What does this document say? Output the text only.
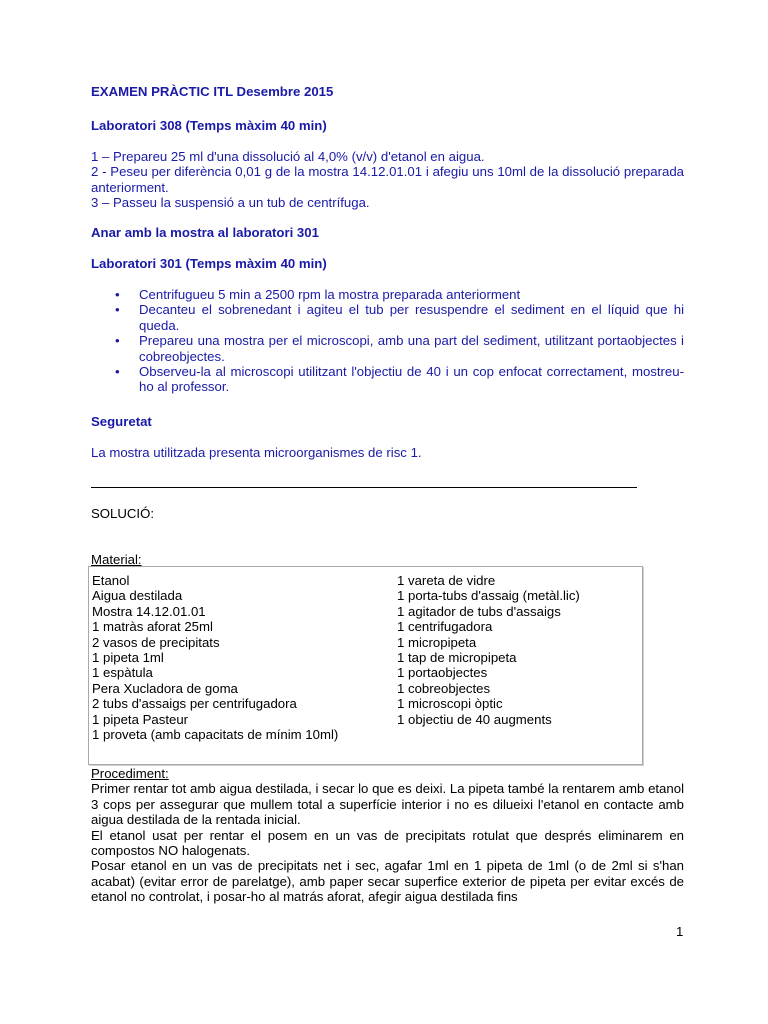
EXAMEN PRÀCTIC ITL Desembre 2015
Laboratori 308 (Temps màxim 40 min)

1 – Prepareu 25 ml d'una dissolució al 4,0% (v/v) d'etanol en aigua.

2 - Peseu per diferència 0,01 g de la mostra 14.12.01.01 i afegiu uns 10ml de la dissolució preparada anteriorment.

3 – Passeu la suspensió a un tub de centrífuga.

Anar amb la mostra al laboratori 301
Laboratori 301 (Temps màxim 40 min)
• Centrifugueu 5 min a 2500 rpm la mostra preparada anteriorment
• Decanteu el sobrenedant i agiteu el tub per resuspendre el sediment en el líquid que hi queda.
• Prepareu una mostra per el microscopi, amb una part del sediment, utilitzant portaobjectes i cobreobjectes.
• Observeu-la al microscopi utilitzant l'objectiu de 40 i un cop enfocat correctament, mostreu-ho al professor.
Seguretat
La mostra utilitzada presenta microorganismes de risc 1.
SOLUCIÓ:
Material:
Etanol
Aigua destilada
Mostra 14.12.01.01
1 matràs aforat 25ml
2 vasos de precipitats
1 pipeta 1ml
1 espàtula
Pera Xucladora de goma
2 tubs d'assaigs per centrifugadora
1 pipeta Pasteur
1 proveta (amb capacitats de mínim 10ml)
1 vareta de vidre
1 porta-tubs d'assaig (metàl.lic)
1 agitador de tubs d'assaigs
1 centrifugadora
1 micropipeta
1 tap de micropipeta
1 portaobjectes
1 cobreobjectes
1 microscopi òptic
1 objectiu de 40 augments
Procediment:

Primer rentar tot amb aigua destilada, i secar lo que es deixi. La pipeta també la rentarem amb etanol 3 cops per assegurar que mullem total a superfície interior i no es dilueixi l'etanol en contacte amb aigua destilada de la rentada inicial.

El etanol usat per rentar el posem en un vas de precipitats rotulat que després eliminarem en compostos NO halogenats.

Posar etanol en un vas de precipitats net i sec, agafar 1ml en 1 pipeta de 1ml (o de 2ml si s'han acabat) (evitar error de parelatge), amb paper secar superfice exterior de pipeta per evitar excés de etanol no controlat, i posar-ho al matrás aforat, afegir aigua destilada fins

1
